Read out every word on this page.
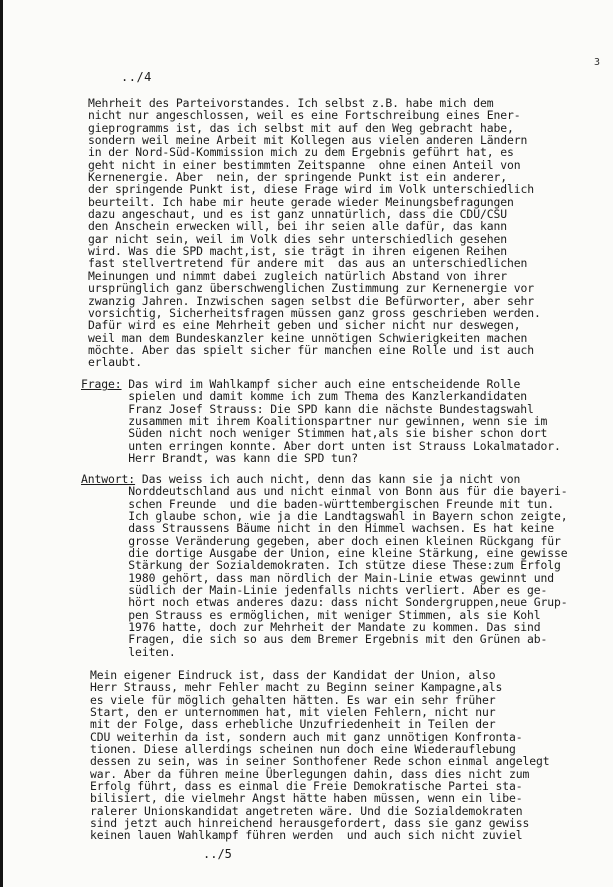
3
../4

Mehrheit des Parteivorstandes. Ich selbst z.B. habe mich dem
nicht nur angeschlossen, weil es eine Fortschreibung eines Ener-
gieprogramms ist, das ich selbst mit auf den Weg gebracht habe,
sondern weil meine Arbeit mit Kollegen aus vielen anderen Ländern
in der Nord-Süd-Kommission mich zu dem Ergebnis geführt hat, es
geht nicht in einer bestimmten Zeitspanne  ohne einen Anteil von
Kernenergie. Aber  nein, der springende Punkt ist ein anderer,
der springende Punkt ist, diese Frage wird im Volk unterschiedlich
beurteilt. Ich habe mir heute gerade wieder Meinungsbefragungen
dazu angeschaut, und es ist ganz unnatürlich, dass die CDU/CSU
den Anschein erwecken will, bei ihr seien alle dafür, das kann
gar nicht sein, weil im Volk dies sehr unterschiedlich gesehen
wird. Was die SPD macht,ist, sie trägt in ihren eigenen Reihen
fast stellvertretend für andere mit  das aus an unterschiedlichen
Meinungen und nimmt dabei zugleich natürlich Abstand von ihrer
ursprünglich ganz überschwenglichen Zustimmung zur Kernenergie vor
zwanzig Jahren. Inzwischen sagen selbst die Befürworter, aber sehr
vorsichtig, Sicherheitsfragen müssen ganz gross geschrieben werden.
Dafür wird es eine Mehrheit geben und sicher nicht nur deswegen,
weil man dem Bundeskanzler keine unnötigen Schwierigkeiten machen
möchte. Aber das spielt sicher für manchen eine Rolle und ist auch
erlaubt.

Frage: Das wird im Wahlkampf sicher auch eine entscheidende Rolle
spielen und damit komme ich zum Thema des Kanzlerkandidaten
Franz Josef Strauss: Die SPD kann die nächste Bundestagswahl
zusammen mit ihrem Koalitionspartner nur gewinnen, wenn sie im
Süden nicht noch weniger Stimmen hat,als sie bisher schon dort
unten erringen konnte. Aber dort unten ist Strauss Lokalmatador.
Herr Brandt, was kann die SPD tun?

Antwort: Das weiss ich auch nicht, denn das kann sie ja nicht von
Norddeutschland aus und nicht einmal von Bonn aus für die bayeri-
schen Freunde  und die baden-württembergischen Freunde mit tun.
Ich glaube schon, wie ja die Landtagswahl in Bayern schon zeigte,
dass Straussens Bäume nicht in den Himmel wachsen. Es hat keine
grosse Veränderung gegeben, aber doch einen kleinen Rückgang für
die dortige Ausgabe der Union, eine kleine Stärkung, eine gewisse
Stärkung der Sozialdemokraten. Ich stütze diese These:zum Erfolg
1980 gehört, dass man nördlich der Main-Linie etwas gewinnt und
südlich der Main-Linie jedenfalls nichts verliert. Aber es ge-
hört noch etwas anderes dazu: dass nicht Sondergruppen,neue Grup-
pen Strauss es ermöglichen, mit weniger Stimmen, als sie Kohl
1976 hatte, doch zur Mehrheit der Mandate zu kommen. Das sind
Fragen, die sich so aus dem Bremer Ergebnis mit den Grünen ab-
leiten.

Mein eigener Eindruck ist, dass der Kandidat der Union, also
Herr Strauss, mehr Fehler macht zu Beginn seiner Kampagne,als
es viele für möglich gehalten hätten. Es war ein sehr früher
Start, den er unternommen hat, mit vielen Fehlern, nicht nur
mit der Folge, dass erhebliche Unzufriedenheit in Teilen der
CDU weiterhin da ist, sondern auch mit ganz unnötigen Konfronta-
tionen. Diese allerdings scheinen nun doch eine Wiederauflebung
dessen zu sein, was in seiner Sonthofener Rede schon einmal angelegt
war. Aber da führen meine Überlegungen dahin, dass dies nicht zum
Erfolg führt, dass es einmal die Freie Demokratische Partei sta-
bilisiert, die vielmehr Angst hätte haben müssen, wenn ein libe-
ralerer Unionskandidat angetreten wäre. Und die Sozialdemokraten
sind jetzt auch hinreichend herausgefordert, dass sie ganz gewiss
keinen lauen Wahlkampf führen werden  und auch sich nicht zuviel

../5
